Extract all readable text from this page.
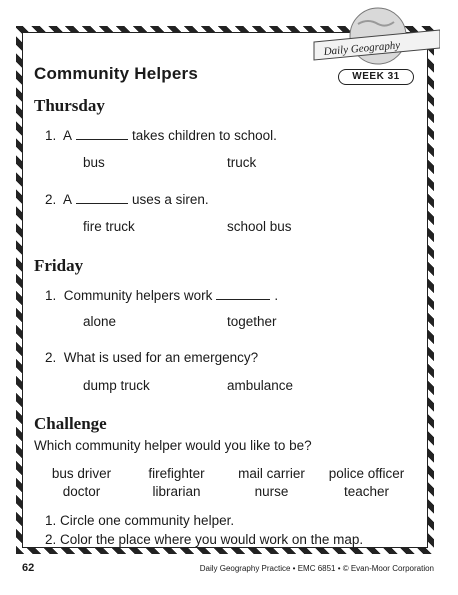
Daily Geography
Community Helpers	WEEK 31
Thursday
1. A	takes children to school.
bus	truck
2. A	uses a siren.
fire truck	school bus
Friday
1. Community helpers work	.
alone	together
2. What is used for an emergency?
dump truck	ambulance
Challenge
Which community helper would you like to be?
bus driver	firefighter	mail carrier	police officer
doctor	librarian	nurse	teacher
1. Circle one community helper.
2. Color the place where you would work on the map.
62	Daily Geography Practice • EMC 6851 • © Evan-Moor Corporation
